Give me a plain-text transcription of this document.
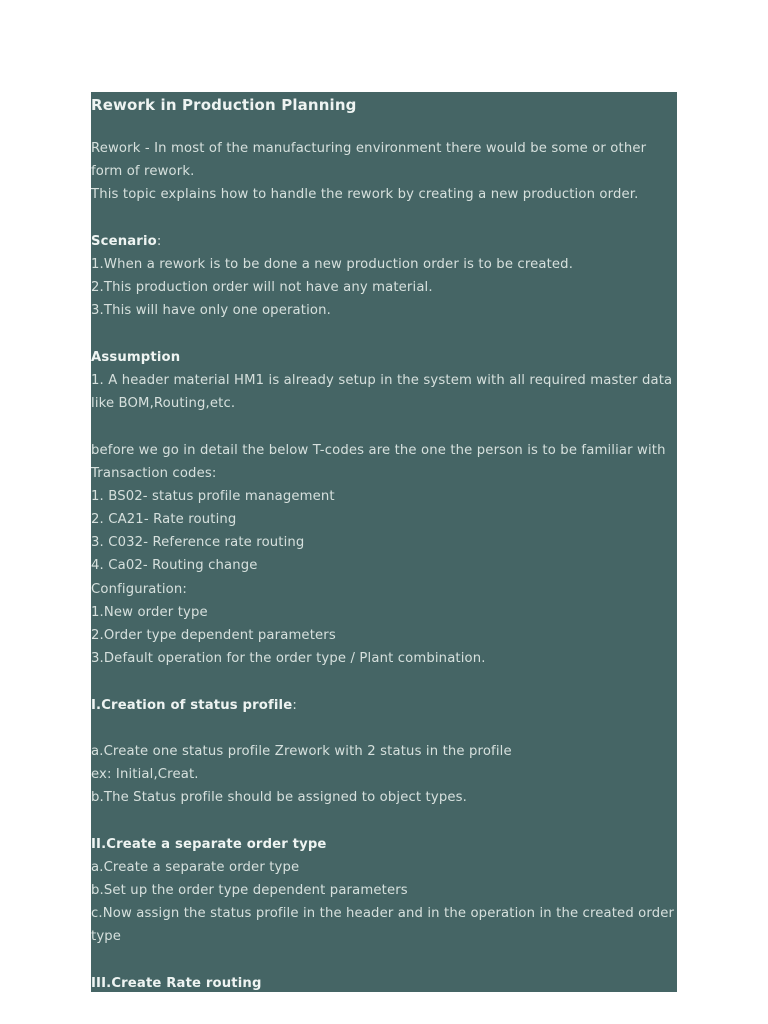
Rework in Production Planning
Rework - In most of the manufacturing environment there would be some or other form of rework.
This topic explains how to handle the rework by creating a new production order.
Scenario:
1.When a rework is to be done a new production order is to be created.
2.This production order will not have any material.
3.This will have only one operation.
Assumption
1. A header material HM1 is already setup in the system with all required master data like BOM,Routing,etc.
before we go in detail the below T-codes are the one the person is to be familiar with
Transaction codes:
1. BS02- status profile management
2. CA21- Rate routing
3. C032- Reference rate routing
4. Ca02- Routing change
Configuration:
1.New order type
2.Order type dependent parameters
3.Default operation for the order type / Plant combination.
I.Creation of status profile:
a.Create one status profile Zrework with 2 status in the profile
ex: Initial,Creat.
b.The Status profile should be assigned to object types.
II.Create a separate order type
a.Create a separate order type
b.Set up the order type dependent parameters
c.Now assign the status profile in the header and in the operation in the created order type
III.Create Rate routing
